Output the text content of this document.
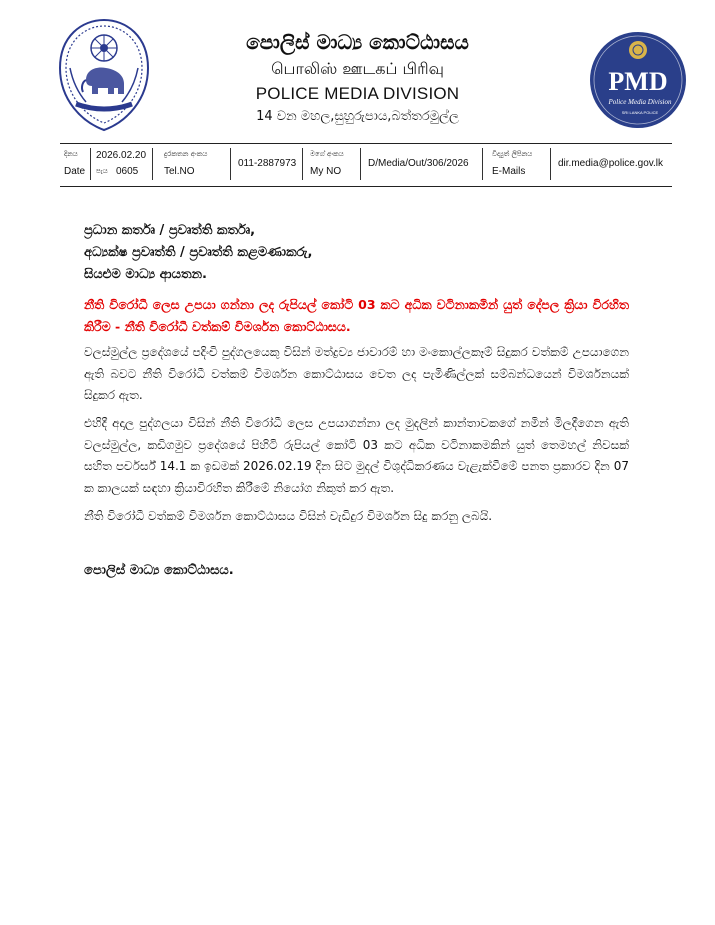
පොලිස් මාධ්‍ය කොට්ඨාසය

பொலிஸ் ஊடகப் பிரிவு

POLICE MEDIA DIVISION

14 වන මහල,සුහුරුපාය,බත්තරමුල්ල

PMD
Police Media Division
SRI LANKA POLICE
දිනය
Date
2026.02.20
පැය 0605
දුරකතන අංකය
Tel.NO
011-2887973
මගේ අංකය
My NO
D/Media/Out/306/2026
විද්‍යුත් ලිපිනය
E-Mails
dir.media@police.gov.lk

ප්‍රධාන කර්තෘ / ප්‍රවෘත්ති කර්තෘ,

අධ්‍යක්ෂ ප්‍රවෘත්ති / ප්‍රවෘත්ති කළමණාකරු,

සියළුම මාධ්‍ය ආයතන.

නීති විරෝධී ලෙස උපයා ගන්නා ලද රුපියල් කෝටි 03 කට අධික වටිනාකමින් යුත් දේපල ක්‍රියා විරහිත කිරීම - නීති විරෝධී වත්කම් විමර්ශන කොට්ඨාසය.

වලස්මුල්ල ප්‍රදේශයේ පදිංචි පුද්ගලයෙකු විසින් මත්ද්‍රව්‍ය ජාවාරම් හා මංකොල්ලකෑම් සිදුකර වත්කම් උපයාගෙන ඇති බවට නීති විරෝධී වත්කම් විමර්ශන කොට්ඨාසය වෙත ලද පැමිණිල්ලක් සම්බන්ධයෙන් විමර්ශනයක් සිදුකර ඇත.

එහිදී අදාල පුද්ගලයා විසින් නීති විරෝධී ලෙස උපයාගන්නා ලද මුදලින් කාන්තාවකගේ නමින් මිලදීගෙන ඇති වලස්මුල්ල, කඩිගමුව ප්‍රදේශයේ පිහිටි රුපියල් කෝටි 03 කට අධික වටිනාකමකින් යුත් තෙමහල් නිවසක් සහිත පර්චර්ස් 14.1 ක ඉඩමක් 2026.02.19 දින සිට මුදල් විශුද්ධිකරණය වැළැක්වීමේ පනත ප්‍රකාරව දින 07 ක කාලයක් සඳහා ක්‍රියාවිරහිත කිරීමේ නියෝග නිකුත් කර ඇත.

නීති විරෝධී වත්කම් විමර්ශන කොට්ඨාසය විසින් වැඩිදුර විමර්ශන සිදු කරනු ලබයි.

පොලිස් මාධ්‍ය කොට්ඨාසය.
